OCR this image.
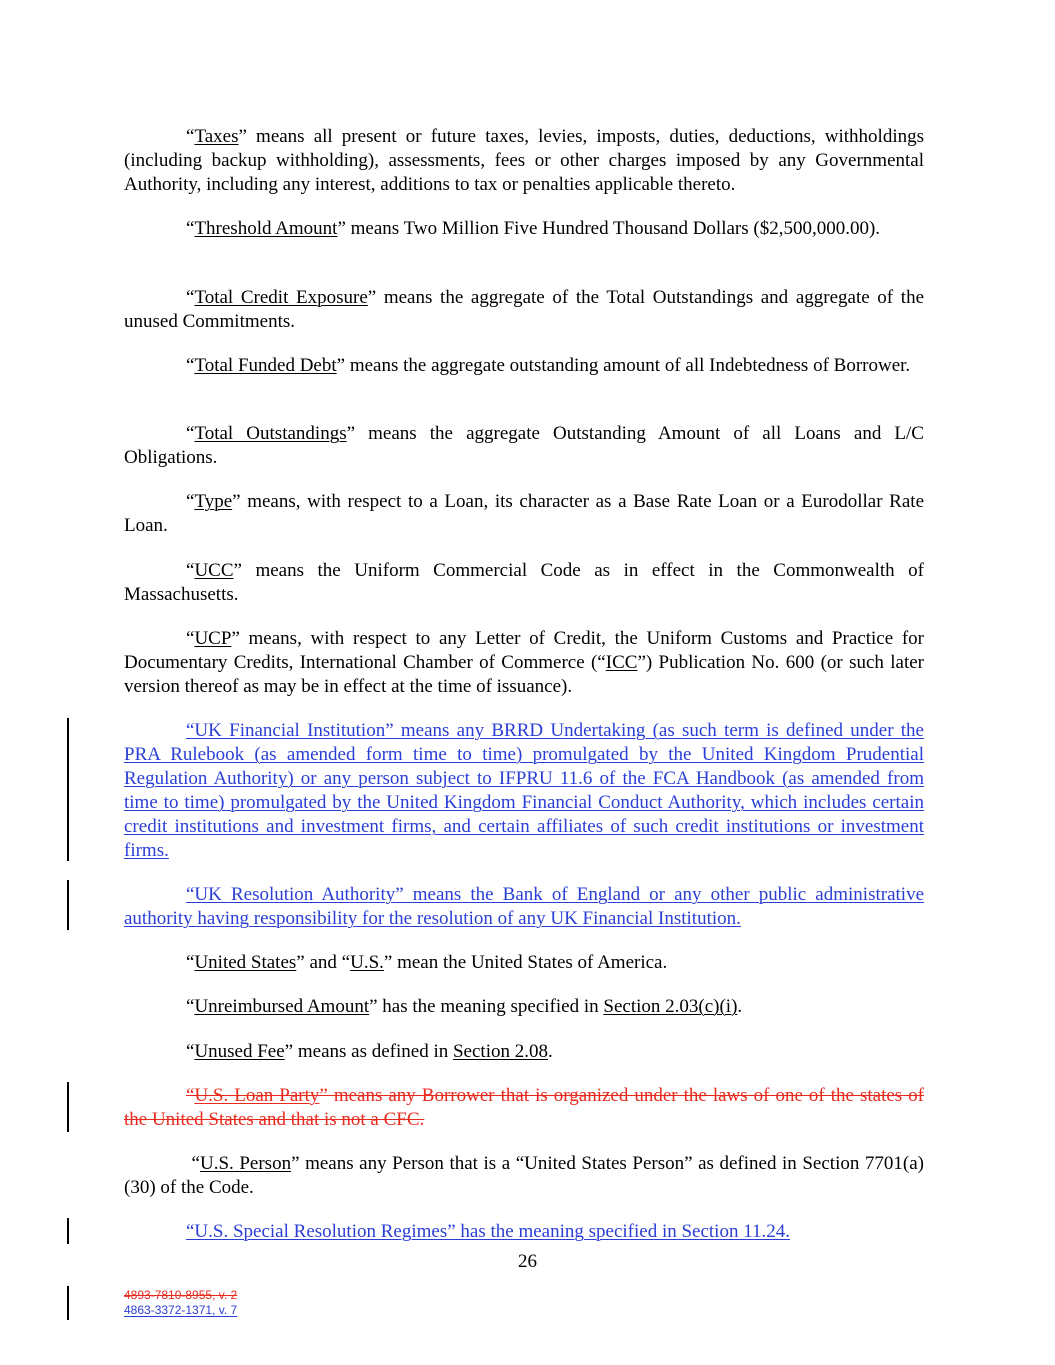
“Taxes” means all present or future taxes, levies, imposts, duties, deductions, withholdings (including backup withholding), assessments, fees or other charges imposed by any Governmental Authority, including any interest, additions to tax or penalties applicable thereto.

“Threshold Amount” means Two Million Five Hundred Thousand Dollars ($2,500,000.00).

“Total Credit Exposure” means the aggregate of the Total Outstandings and aggregate of the unused Commitments.

“Total Funded Debt” means the aggregate outstanding amount of all Indebtedness of Borrower.

“Total Outstandings” means the aggregate Outstanding Amount of all Loans and L/C Obligations.

“Type” means, with respect to a Loan, its character as a Base Rate Loan or a Eurodollar Rate Loan.

“UCC” means the Uniform Commercial Code as in effect in the Commonwealth of Massachusetts.

“UCP” means, with respect to any Letter of Credit, the Uniform Customs and Practice for Documentary Credits, International Chamber of Commerce (“ICC”) Publication No. 600 (or such later version thereof as may be in effect at the time of issuance).

“UK Financial Institution” means any BRRD Undertaking (as such term is defined under the PRA Rulebook (as amended form time to time) promulgated by the United Kingdom Prudential Regulation Authority) or any person subject to IFPRU 11.6 of the FCA Handbook (as amended from time to time) promulgated by the United Kingdom Financial Conduct Authority, which includes certain credit institutions and investment firms, and certain affiliates of such credit institutions or investment firms.

“UK Resolution Authority” means the Bank of England or any other public administrative authority having responsibility for the resolution of any UK Financial Institution.

“United States” and “U.S.” mean the United States of America.

“Unreimbursed Amount” has the meaning specified in Section 2.03(c)(i).

“Unused Fee” means as defined in Section 2.08.

“U.S. Loan Party” means any Borrower that is organized under the laws of one of the states of the United States and that is not a CFC.

“U.S. Person” means any Person that is a “United States Person” as defined in Section 7701(a)(30) of the Code.

“U.S. Special Resolution Regimes” has the meaning specified in Section 11.24.

26
4893-7810-8955, v. 2
4863-3372-1371, v. 7
